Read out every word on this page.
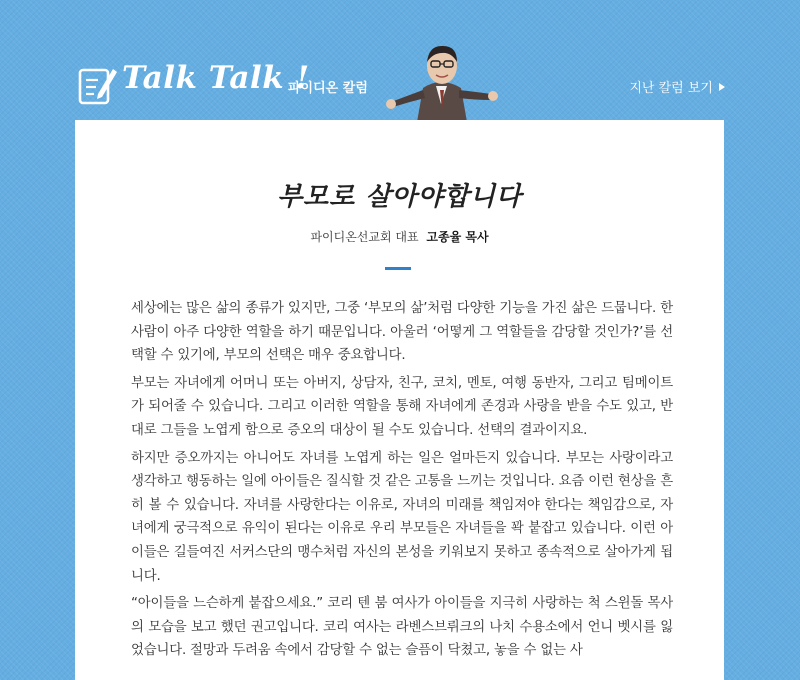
Talk Talk !
파이디온 칼럼	지난 칼럼 보기
부모로 살아야합니다
파이디온선교회 대표 고종율 목사

세상에는 많은 삶의 종류가 있지만, 그중 ‘부모의 삶’처럼 다양한 기능을 가진 삶은 드뭅니다. 한 사람이 아주 다양한 역할을 하기 때문입니다. 아울러 ‘어떻게 그 역할들을 감당할 것인가?’를 선택할 수 있기에, 부모의 선택은 매우 중요합니다.

부모는 자녀에게 어머니 또는 아버지, 상담자, 친구, 코치, 멘토, 여행 동반자, 그리고 팀메이트가 되어줄 수 있습니다. 그리고 이러한 역할을 통해 자녀에게 존경과 사랑을 받을 수도 있고, 반대로 그들을 노엽게 함으로 증오의 대상이 될 수도 있습니다. 선택의 결과이지요.

하지만 증오까지는 아니어도 자녀를 노엽게 하는 일은 얼마든지 있습니다. 부모는 사랑이라고 생각하고 행동하는 일에 아이들은 질식할 것 같은 고통을 느끼는 것입니다. 요즘 이런 현상을 흔히 볼 수 있습니다. 자녀를 사랑한다는 이유로, 자녀의 미래를 책임져야 한다는 책임감으로, 자녀에게 궁극적으로 유익이 된다는 이유로 우리 부모들은 자녀들을 꽉 붙잡고 있습니다. 이런 아이들은 길들여진 서커스단의 맹수처럼 자신의 본성을 키워보지 못하고 종속적으로 살아가게 됩니다.

“아이들을 느슨하게 붙잡으세요.” 코리 텐 붐 여사가 아이들을 지극히 사랑하는 척 스윈돌 목사의 모습을 보고 했던 권고입니다. 코리 여사는 라벤스브뤼크의 나치 수용소에서 언니 벳시를 잃었습니다. 절망과 두려움 속에서 감당할 수 없는 슬픔이 닥쳤고, 놓을 수 없는 사
